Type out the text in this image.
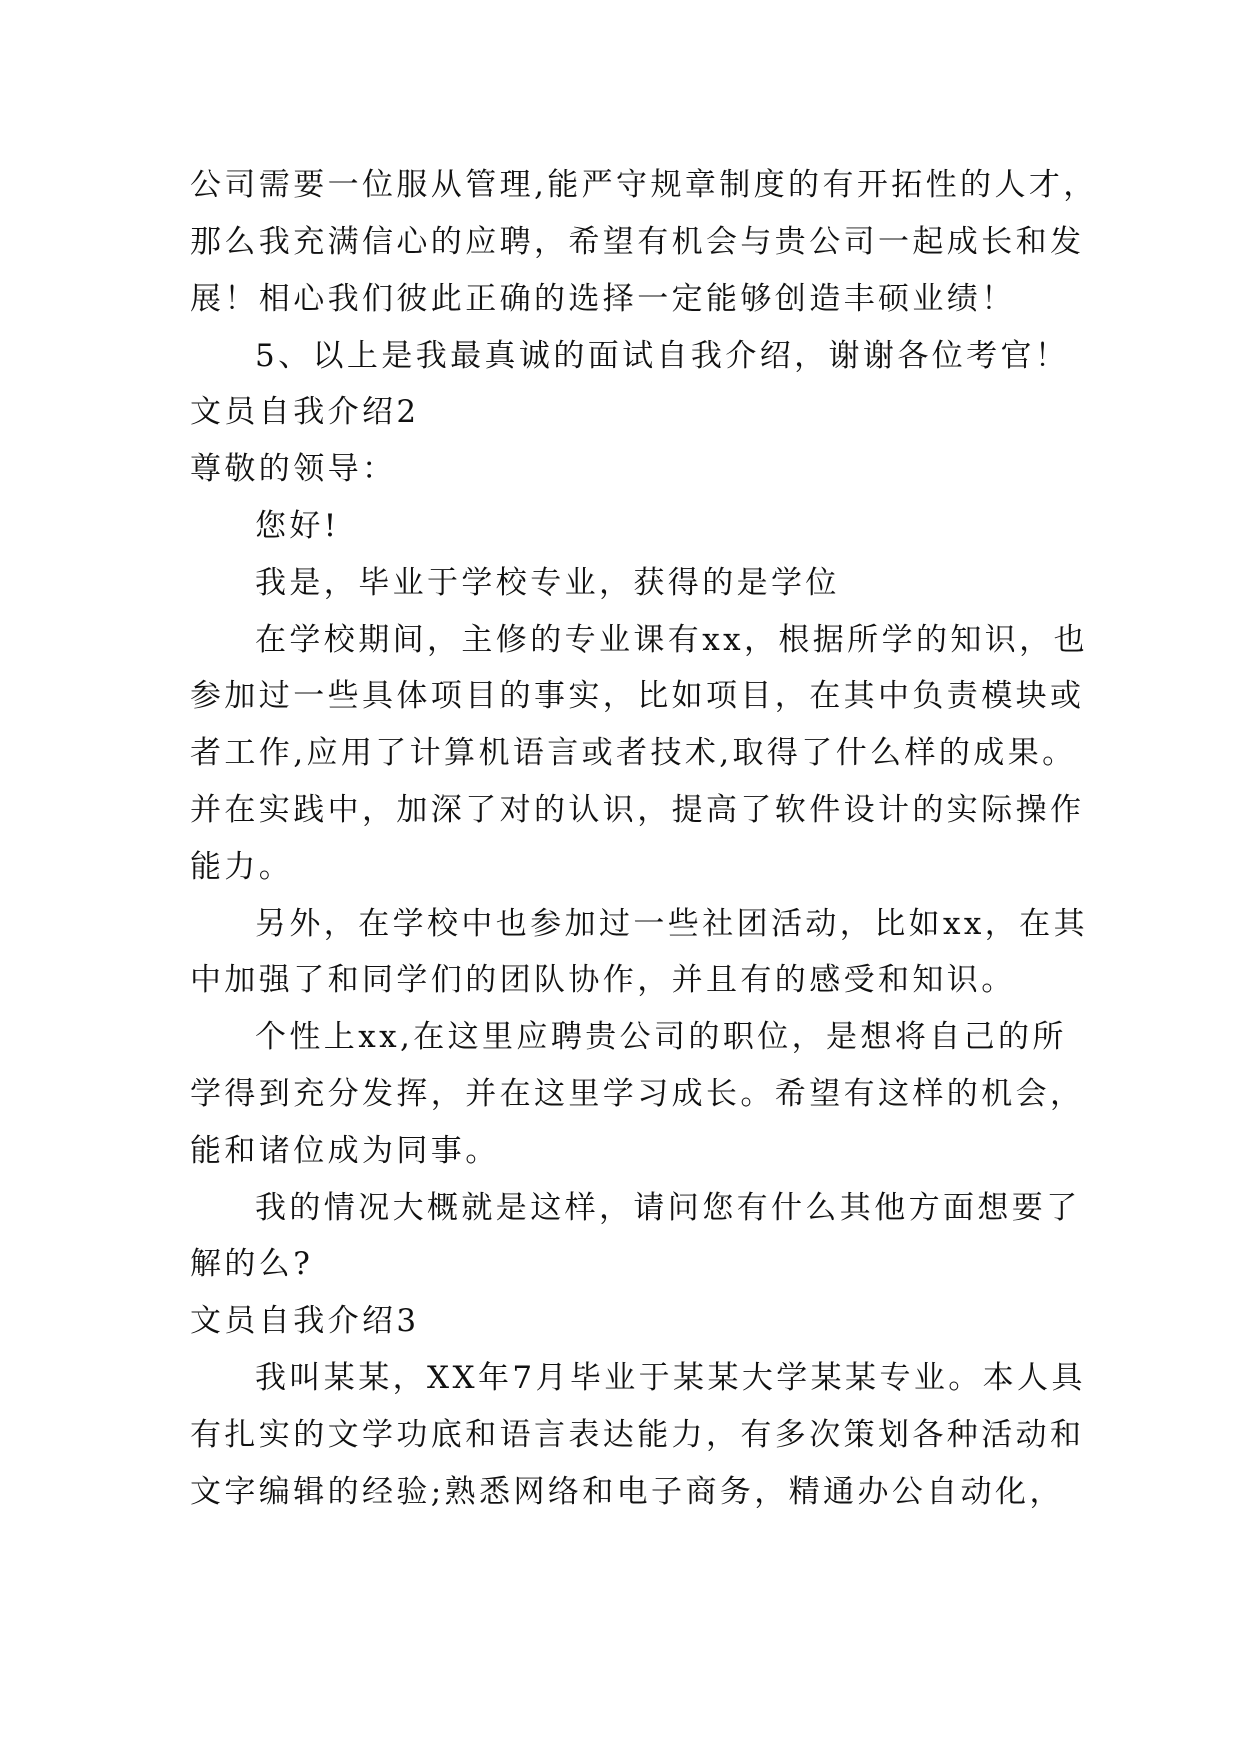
公司需要一位服从管理,能严守规章制度的有开拓性的人才，
那么我充满信心的应聘，希望有机会与贵公司一起成长和发
展！相心我们彼此正确的选择一定能够创造丰硕业绩！
5、以上是我最真诚的面试自我介绍，谢谢各位考官！
文员自我介绍2
尊敬的领导：
您好!
我是，毕业于学校专业，获得的是学位
在学校期间，主修的专业课有xx，根据所学的知识，也
参加过一些具体项目的事实，比如项目，在其中负责模块或
者工作,应用了计算机语言或者技术,取得了什么样的成果。
并在实践中，加深了对的认识，提高了软件设计的实际操作
能力。
另外，在学校中也参加过一些社团活动，比如xx，在其
中加强了和同学们的团队协作，并且有的感受和知识。
个性上xx,在这里应聘贵公司的职位，是想将自己的所
学得到充分发挥，并在这里学习成长。希望有这样的机会，
能和诸位成为同事。
我的情况大概就是这样，请问您有什么其他方面想要了
解的么?
文员自我介绍3
我叫某某，XX年7月毕业于某某大学某某专业。本人具
有扎实的文学功底和语言表达能力，有多次策划各种活动和
文字编辑的经验;熟悉网络和电子商务，精通办公自动化，
